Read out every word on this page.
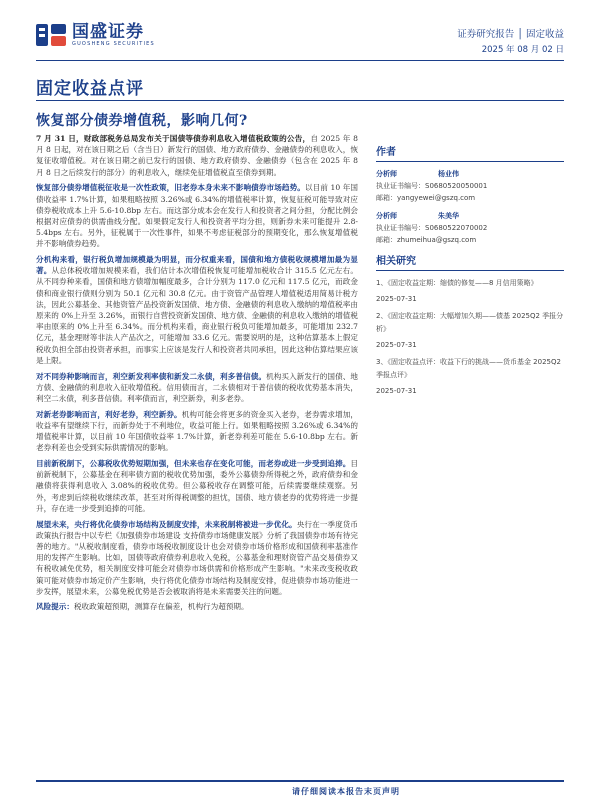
国盛证券
GUOSHENG SECURITIES
证券研究报告 │ 固定收益
2025 年 08 月 02 日
固定收益点评
恢复部分债券增值税，影响几何?

7 月 31 日，财政部税务总局发布关于国债等债券利息收入增值税政策的公告，自 2025 年 8 月 8 日起，对在该日期之后（含当日）新发行的国债、地方政府债券、金融债券的利息收入，恢复征收增值税。对在该日期之前已发行的国债、地方政府债券、金融债券（包含在 2025 年 8 月 8 日之后续发行的部分）的利息收入，继续免征增值税直至债券到期。

恢复部分债券增值税征收是一次性政策，旧老券本身未来不影响债券市场趋势。以目前 10 年国债收益率 1.7%计算，如果粗略按照 3.26%或 6.34%的增值税率计算，恢复征税可能导致对应债券税收成本上升 5.6-10.8bp 左右。而这部分成本会在发行人和投资者之间分担，分配比例会根据对应债券的供需曲线分配。如果假定发行人和投资者平均分担，则新券未来可能提升 2.8-5.4bps 左右。另外，征税属于一次性事件，如果不考虑征税部分的预期变化，那么恢复增值税并不影响债券趋势。

分机构来看，银行税负增加规模最为明显，而分权重来看，国债和地方债税收规模增加最为显著。从总体税收增加规模来看，我们估计本次增值税恢复可能增加税收合计 315.5 亿元左右。从不同券种来看，国债和地方债增加幅度最多，合计分别为 117.0 亿元和 117.5 亿元，而政金债和商业银行债则分别为 50.1 亿元和 30.8 亿元。由于资管产品管理人增值税适用简易计税方法，因此公募基金、其他资管产品投资新发国债、地方债、金融债的利息收入缴纳的增值税率由原来的 0%上升至 3.26%，而银行自营投资新发国债、地方债、金融债的利息收入缴纳的增值税率由原来的 0%上升至 6.34%。而分机构来看，商业银行税负可能增加最多，可能增加 232.7 亿元，基金理财等非法人产品次之，可能增加 33.6 亿元。需要说明的是，这种估算基本上假定税收负担全部由投资者承担，而事实上应该是发行人和投资者共同承担，因此这种估算结果应该是上限。

对不同券种影响而言，利空新发利率债和新发二永债，利多普信债。机构买入新发行的国债、地方债、金融债的利息收入征收增值税。信用债而言，二永债相对于普信债的税收优势基本消失，利空二永债，利多普信债。利率债而言，利空新券，利多老券。

对新老券影响而言，利好老券，利空新券。机构可能会将更多的资金买入老券，老券需求增加，收益率有望继续下行，而新券处于不利地位，收益可能上行。如果粗略按照 3.26%或 6.34%的增值税率计算，以目前 10 年国债收益率 1.7%计算，新老券利差可能在 5.6-10.8bp 左右。新老券利差也会受到实际供需情况的影响。

目前新税制下，公募税收优势短期加强，但未来也存在变化可能，而老券或进一步受到追捧。目前新税制下，公募基金在利率债方面的税收优势加强，委外公募债券所得税之外，政府债券和金融债将获得利息收入 3.08%的税收优势。但公募税收存在调整可能，后续需要继续观察。另外，考虑到后续税收继续改革，甚至对所得税调整的担忧，国债、地方债老券的优势将进一步提升，存在进一步受到追捧的可能。

展望未来，央行将优化债券市场结构及制度安排，未来税制将被进一步优化。央行在一季度货币政策执行报告中以专栏《加强债券市场建设 支持债券市场健康发展》分析了我国债券市场有待完善的地方。"从税收制度看，债券市场税收制度设计也会对债券市场价格形成和国债利率基准作用的发挥产生影响。比如，国债等政府债券利息收入免税，公募基金和理财资管产品交易债券又有税收减免优势，相关制度安排可能会对债券市场供需和价格形成产生影响。"未来改变税收政策可能对债券市场定价产生影响，央行将优化债券市场结构及制度安排，促进债券市场功能进一步发挥，展望未来，公募免税优势是否会被取消将是未来需要关注的问题。

风险提示：税收政策超预期，测算存在偏差，机构行为超预期。

作者
分析师	杨业伟
执业证书编号：S0680520050001
邮箱：yangyewei@gszq.com
分析师	朱美华
执业证书编号：S0680522070002
邮箱：zhumeihua@gszq.com
相关研究
1、《固定收益定期：缩债的修复——8 月信用策略》
2025-07-31
2、《固定收益定期：大幅增加久期——债基 2025Q2 季报分析》
2025-07-31
3、《固定收益点评：收益下行的挑战——货币基金 2025Q2 季报点评》
2025-07-31
请仔细阅读本报告末页声明
